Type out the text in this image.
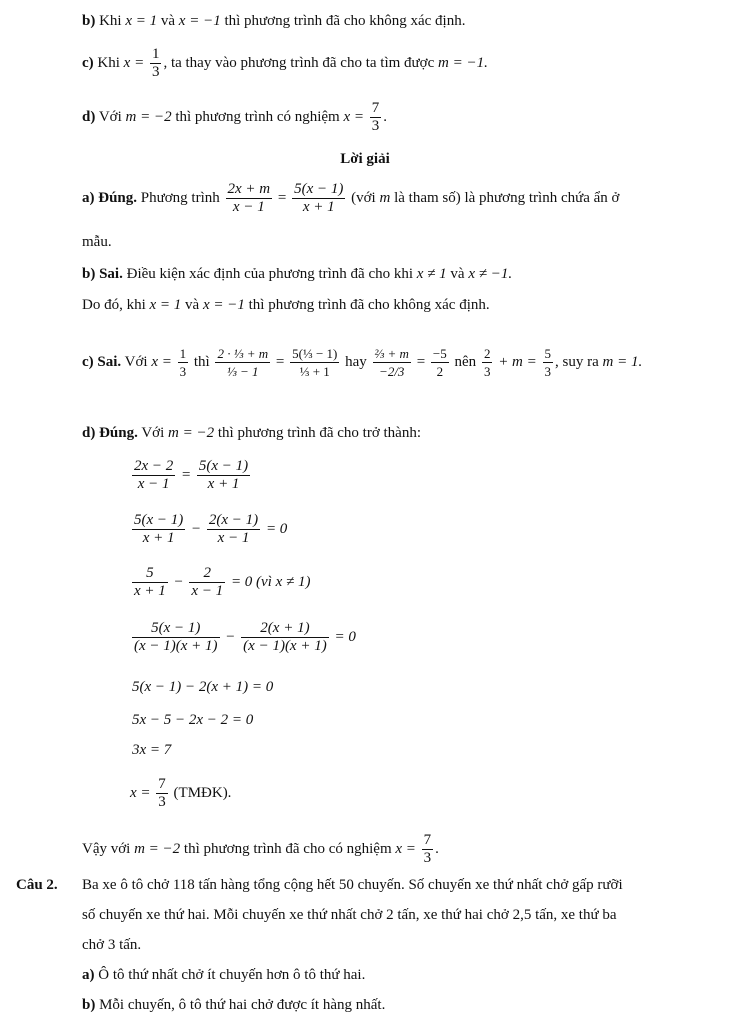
b) Khi x = 1 và x = −1 thì phương trình đã cho không xác định.
c) Khi $x = \frac{1}{3}$ , ta thay vào phương trình đã cho ta tìm được m = −1.
d) Với m = −2 thì phương trình có nghiệm $x = \frac{7}{3}$ .
Lời giải
a) Đúng. Phương trình $\frac{2x + m}{x - 1} = \frac{5(x - 1)}{x + 1}$ (với m là tham số) là phương trình chứa ẩn ở
mẫu.
b) Sai. Điều kiện xác định của phương trình đã cho khi x ≠ 1 và x ≠ −1.
Do đó, khi x = 1 và x = −1 thì phương trình đã cho không xác định.
c) Sai. Với $x = \frac{1}{3}$ thì $\frac{\text{2 · ⅓ + m}}{\text{⅓ − 1}} = \frac{\text{5(⅓ − 1)}}{\text{⅓ + 1}}$ hay $\frac{\text{⅔ + m}}{-2/3} = \frac{-5}{2}$ nên $\frac{2}{3} + m = \frac{5}{3}$ , suy ra m = 1.
d) Đúng. Với m = −2 thì phương trình đã cho trở thành:
$\frac{2x - 2}{x - 1} = \frac{5(x - 1)}{x + 1}$
$\frac{5(x - 1)}{x + 1} - \frac{2(x - 1)}{x - 1} = 0$
$\frac{5}{x + 1} - \frac{2}{x - 1} = 0$ (vì x ≠ 1)
$\frac{5(x - 1)}{(x - 1)(x + 1)} - \frac{2(x + 1)}{(x - 1)(x + 1)} = 0$
5(x − 1) − 2(x + 1) = 0
5x − 5 − 2x − 2 = 0
3x = 7
$x = \frac{7}{3}$ (TMĐK).
Vậy với m = −2 thì phương trình đã cho có nghiệm $x = \frac{7}{3}$ .
Câu 2. Ba xe ô tô chở 118 tấn hàng tổng cộng hết 50 chuyến. Số chuyến xe thứ nhất chở gấp rưỡi
số chuyến xe thứ hai. Mỗi chuyến xe thứ nhất chở 2 tấn, xe thứ hai chở 2,5 tấn, xe thứ ba
chở 3 tấn.
a) Ô tô thứ nhất chở ít chuyến hơn ô tô thứ hai.
b) Mỗi chuyến, ô tô thứ hai chở được ít hàng nhất.
